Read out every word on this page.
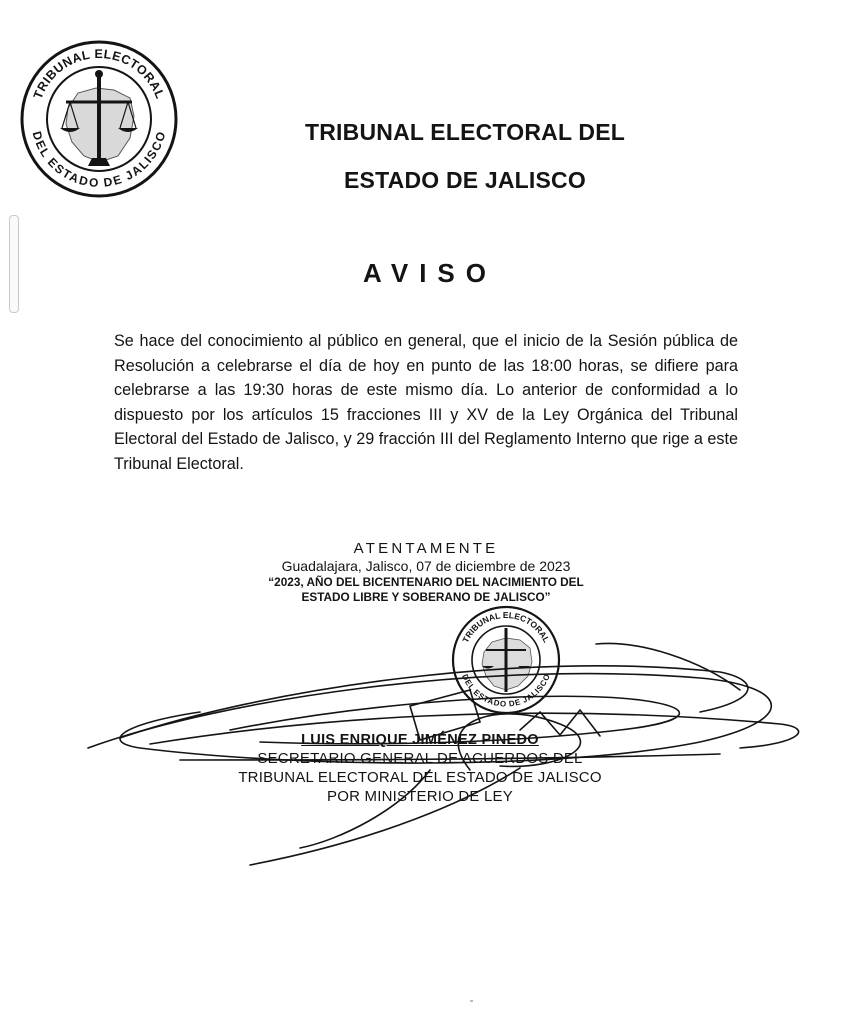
TRIBUNAL ELECTORAL
DEL ESTADO DE JALISCO	TRIBUNAL ELECTORAL DEL
ESTADO DE JALISCO
AVISO
Se hace del conocimiento al público en general, que el inicio de la Sesión pública de Resolución a celebrarse el día de hoy en punto de las 18:00 horas, se difiere para celebrarse a las 19:30 horas de este mismo día. Lo anterior de conformidad a lo dispuesto por los artículos 15 fracciones III y XV de la Ley Orgánica del Tribunal Electoral del Estado de Jalisco, y 29 fracción III del Reglamento Interno que rige a este Tribunal Electoral.
ATENTAMENTE
Guadalajara, Jalisco, 07 de diciembre de 2023
“2023, AÑO DEL BICENTENARIO DEL NACIMIENTO DEL
ESTADO LIBRE Y SOBERANO DE JALISCO”
TRIBUNAL ELECTORAL
DEL ESTADO DE JALISCO
LUIS ENRIQUE JIMÉNEZ PINEDO
SECRETARIO GENERAL DE ACUERDOS DEL
TRIBUNAL ELECTORAL DEL ESTADO DE JALISCO
POR MINISTERIO DE LEY
